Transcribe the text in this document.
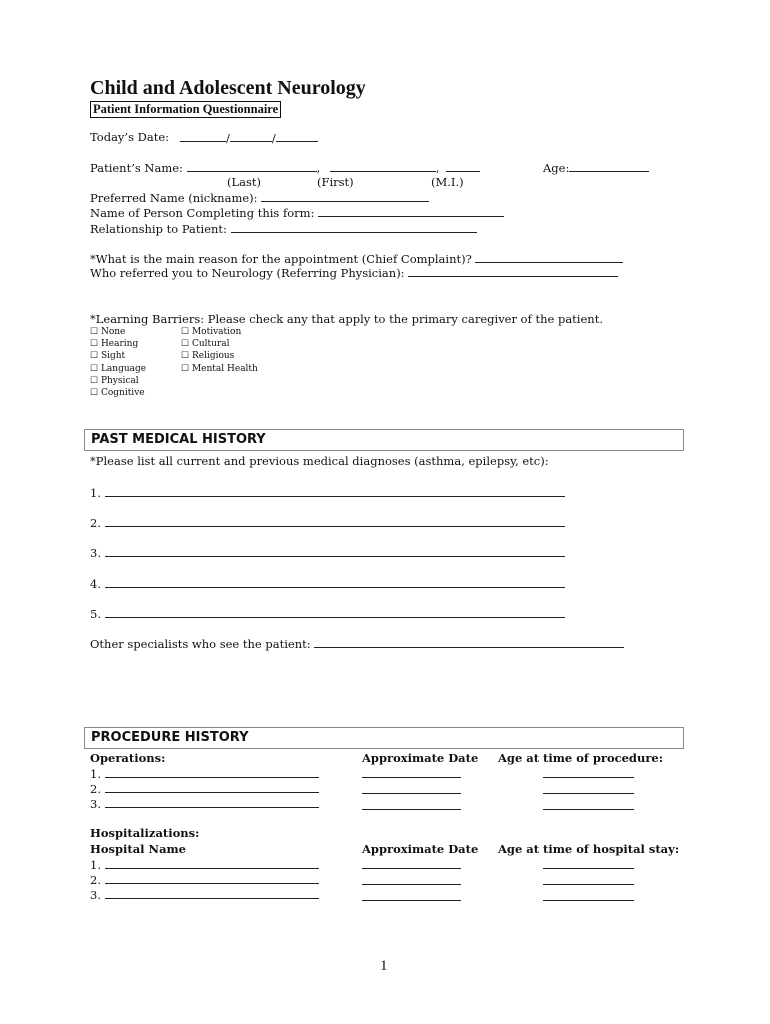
Child and Adolescent Neurology
Patient Information Questionnaire
Today’s Date:	/	/
Patient’s Name:	,	,	Age:
(Last)	(First)	(M.I.)
Preferred Name (nickname):
Name of Person Completing this form:
Relationship to Patient:
*What is the main reason for the appointment (Chief Complaint)?
Who referred you to Neurology (Referring Physician):
*Learning Barriers: Please check any that apply to the primary caregiver of the patient.
☐ None
☐ Hearing
☐ Sight
☐ Language
☐ Physical
☐ Cognitive
☐ Motivation
☐ Cultural
☐ Religious
☐ Mental Health
PAST MEDICAL HISTORY
*Please list all current and previous medical diagnoses (asthma, epilepsy, etc):
1.
2.
3.
4.
5.
Other specialists who see the patient:
PROCEDURE HISTORY
Operations:	Approximate Date Age at time of procedure:
1.
2.
3.
Hospitalizations:
Hospital Name	Approximate Date Age at time of hospital stay:
1.
2.
3.
1
